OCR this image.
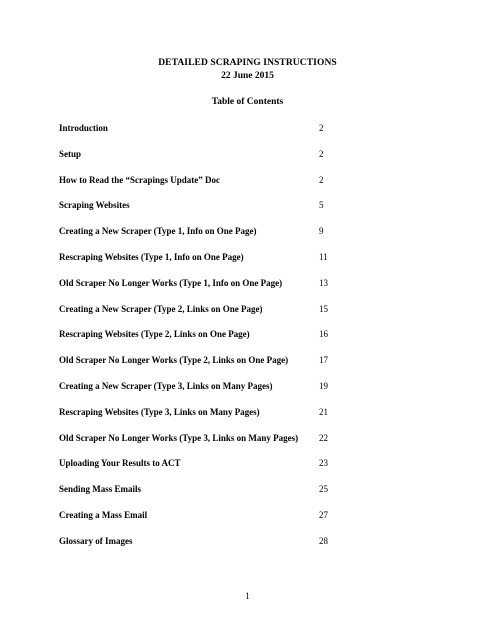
DETAILED SCRAPING INSTRUCTIONS
22 June 2015
Table of Contents
Introduction	2
Setup	2
How to Read the “Scrapings Update” Doc	2
Scraping Websites	5
Creating a New Scraper (Type 1, Info on One Page)	9
Rescraping Websites (Type 1, Info on One Page)	11
Old Scraper No Longer Works (Type 1, Info on One Page)	13
Creating a New Scraper (Type 2, Links on One Page)	15
Rescraping Websites (Type 2, Links on One Page)	16
Old Scraper No Longer Works (Type 2, Links on One Page)	17
Creating a New Scraper (Type 3, Links on Many Pages)	19
Rescraping Websites (Type 3, Links on Many Pages)	21
Old Scraper No Longer Works (Type 3, Links on Many Pages) 22
Uploading Your Results to ACT	23
Sending Mass Emails	25
Creating a Mass Email	27
Glossary of Images	28
1
